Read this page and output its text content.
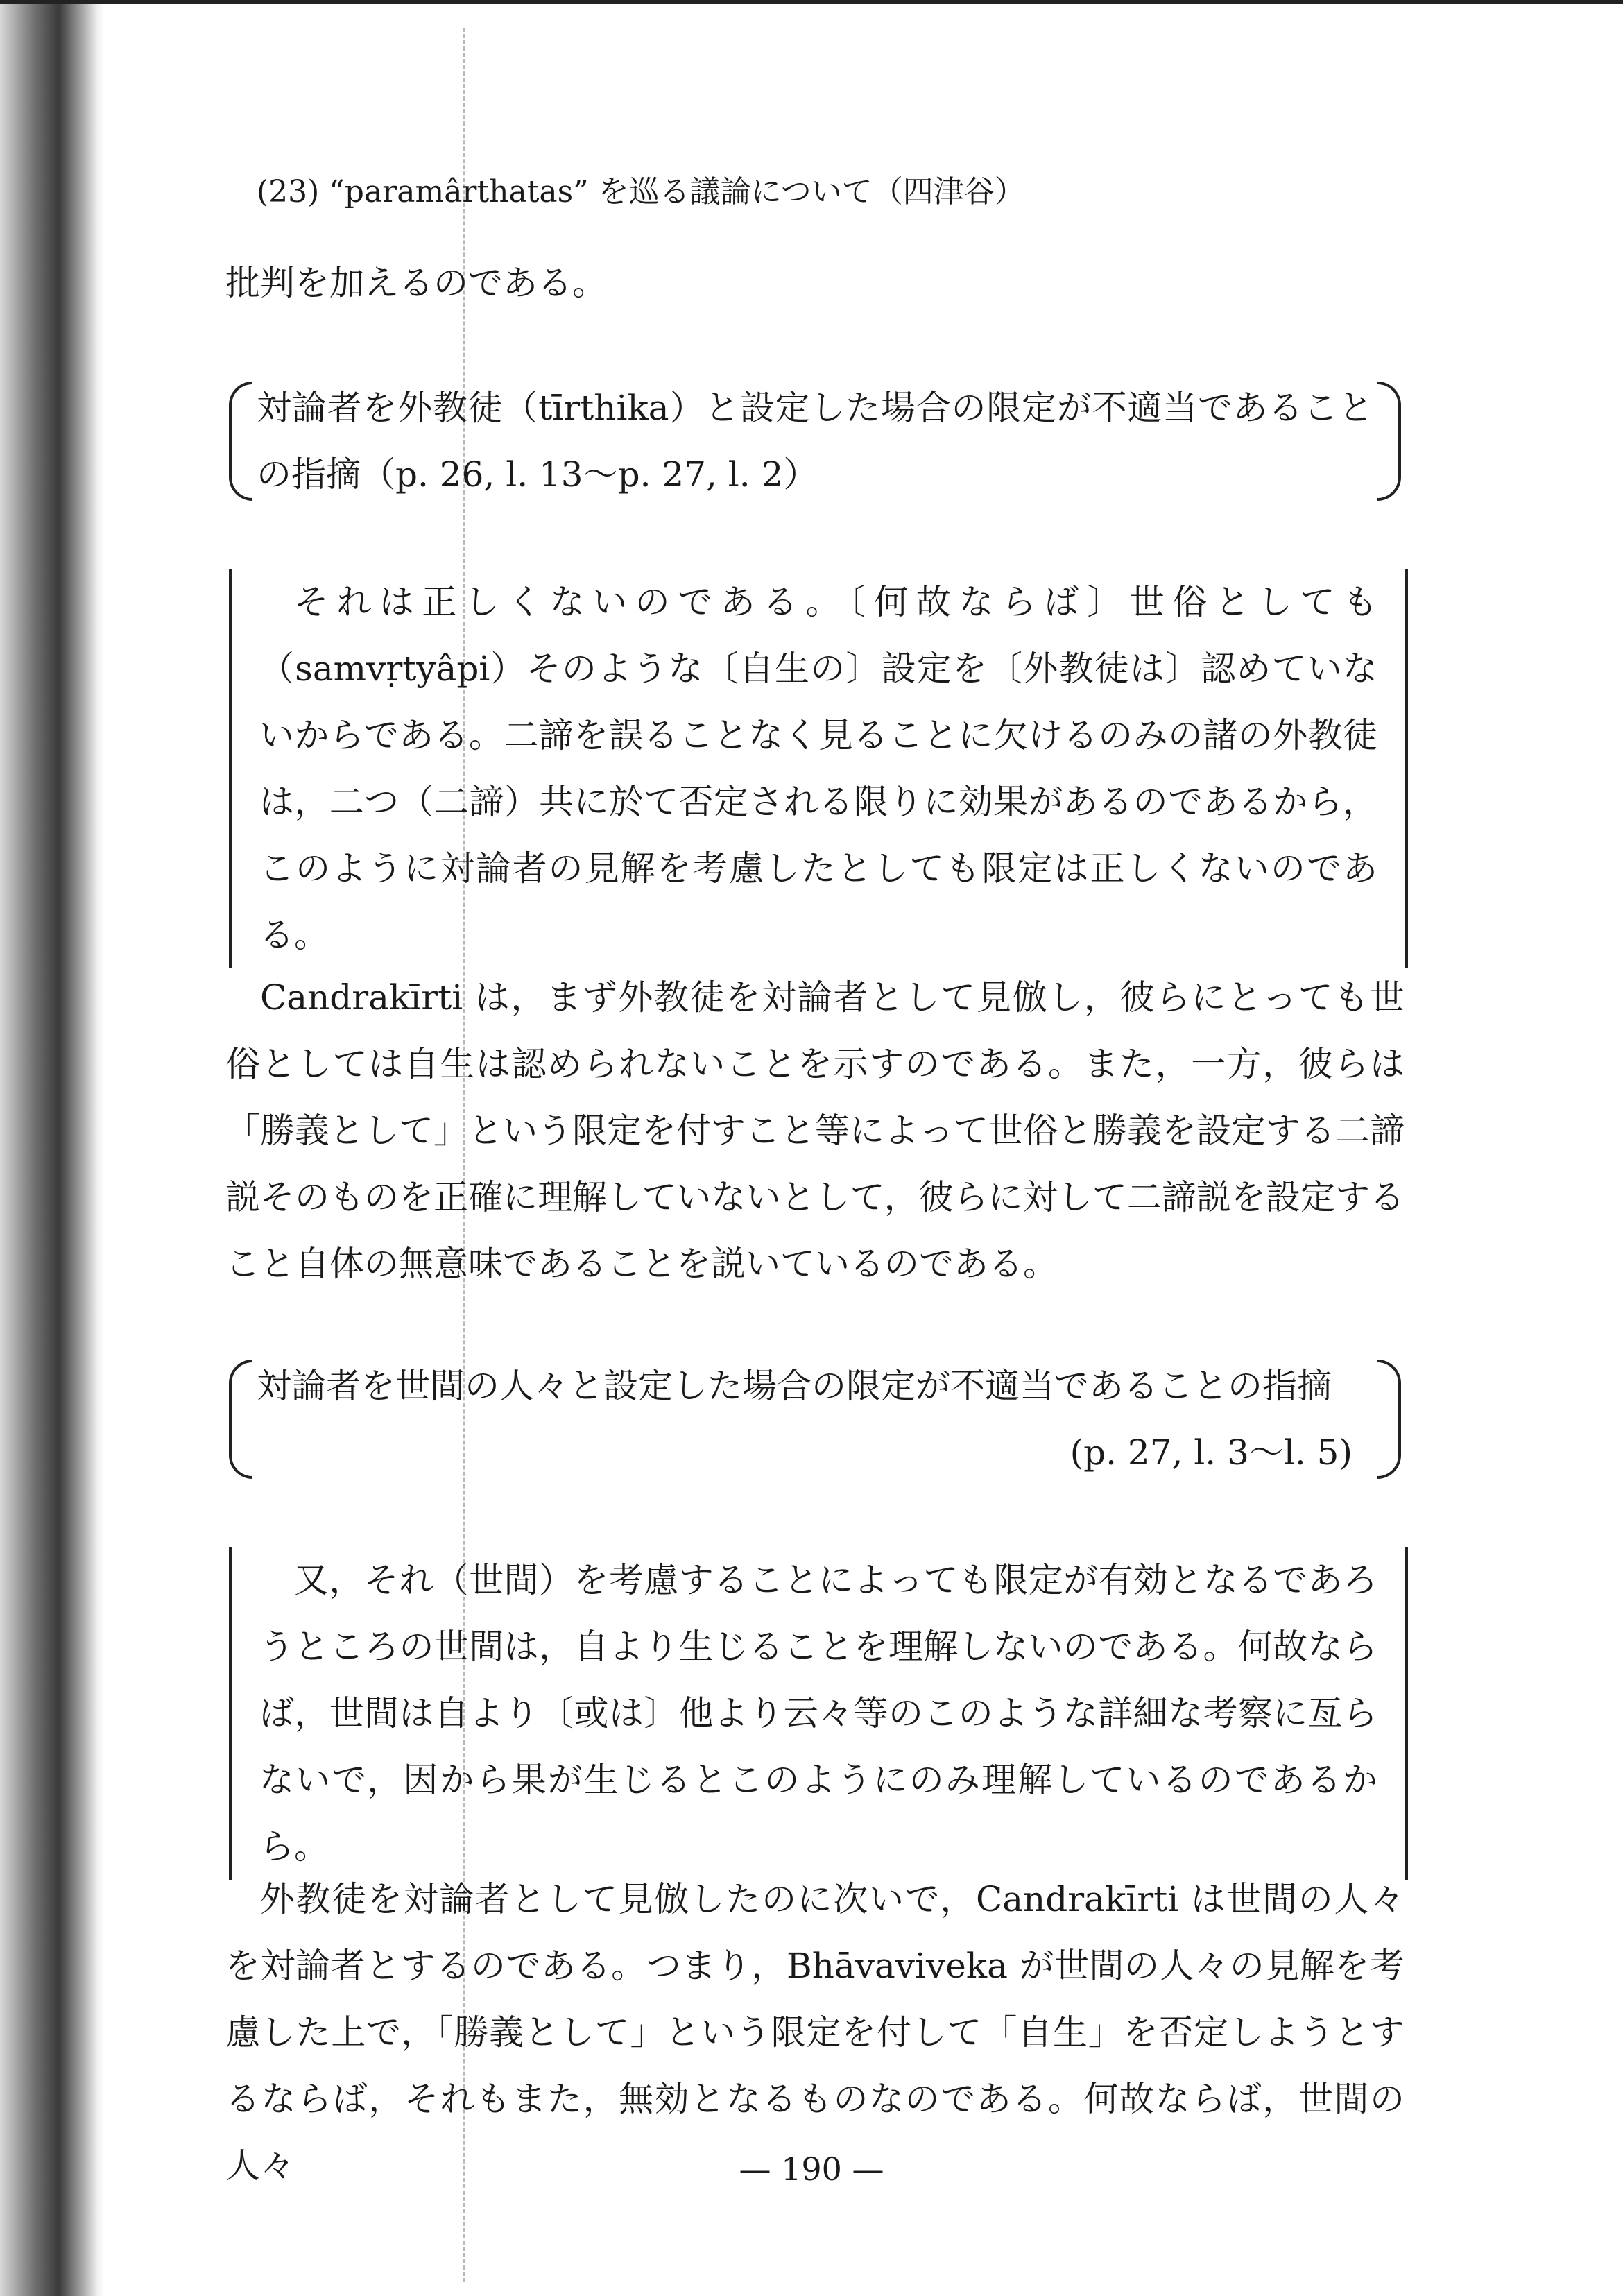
(23) “paramârthatas” を巡る議論について（四津谷）

批判を加えるのである。

対論者を外教徒（tīrthika）と設定した場合の限定が不適当であることの指摘（p. 26, l. 13～p. 27, l. 2）

それは正しくないのである。〔何故ならば〕世俗としても（samvṛtyâpi）そのような〔自生の〕設定を〔外教徒は〕認めていないからである。二諦を誤ることなく見ることに欠けるのみの諸の外教徒は，二つ（二諦）共に於て否定される限りに効果があるのであるから，このように対論者の見解を考慮したとしても限定は正しくないのである。

Candrakīrti は，まず外教徒を対論者として見倣し，彼らにとっても世俗としては自生は認められないことを示すのである。また，一方，彼らは「勝義として」という限定を付すこと等によって世俗と勝義を設定する二諦説そのものを正確に理解していないとして，彼らに対して二諦説を設定すること自体の無意味であることを説いているのである。

対論者を世間の人々と設定した場合の限定が不適当であることの指摘
(p. 27, l. 3～l. 5)

又，それ（世間）を考慮することによっても限定が有効となるであろうところの世間は，自より生じることを理解しないのである。何故ならば，世間は自より〔或は〕他より云々等のこのような詳細な考察に亙らないで，因から果が生じるとこのようにのみ理解しているのであるから。

外教徒を対論者として見倣したのに次いで，Candrakīrti は世間の人々を対論者とするのである。つまり，Bhāvaviveka が世間の人々の見解を考慮した上で，「勝義として」という限定を付して「自生」を否定しようとするならば，それもまた，無効となるものなのである。何故ならば，世間の人々	— 190 —
